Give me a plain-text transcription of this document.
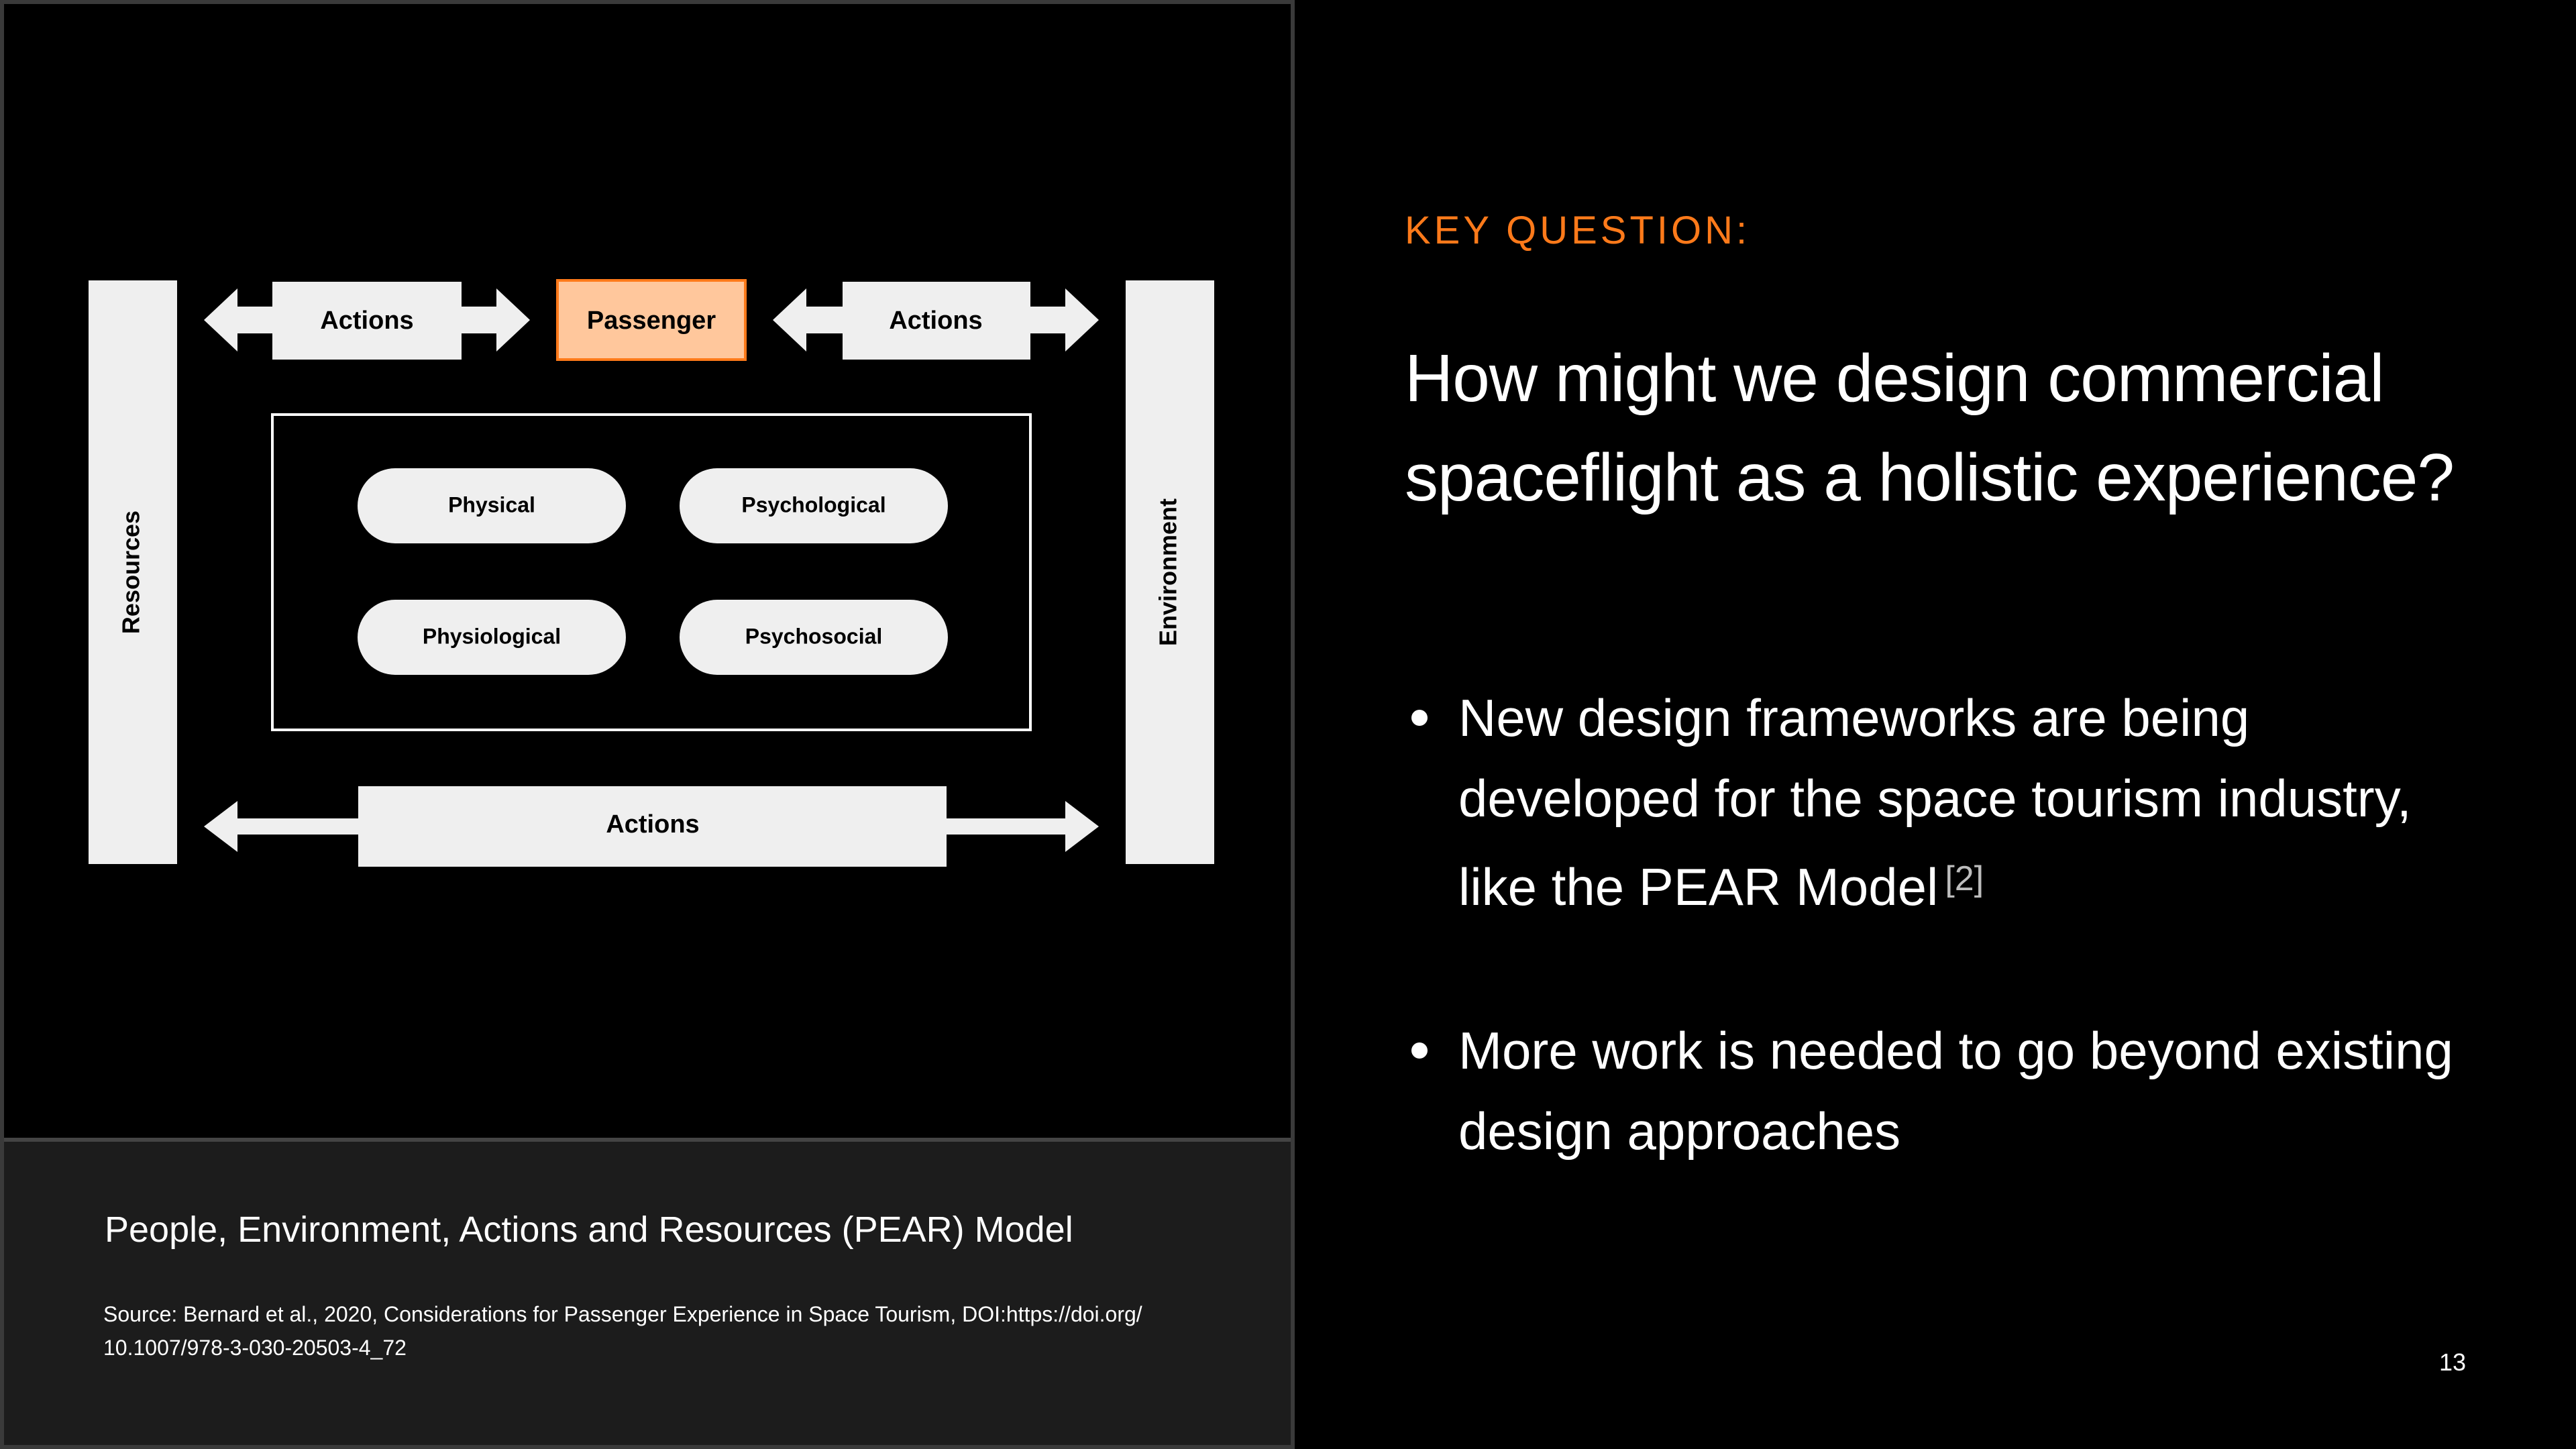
Resources	Environment
Actions	Passenger	Actions
Physical	Psychological
Physiological	Psychosocial
Actions
People, Environment, Actions and Resources (PEAR) Model
Source: Bernard et al., 2020, Considerations for Passenger Experience in Space Tourism, DOI:https://doi.org/ 10.1007/978-3-030-20503-4_72
KEY QUESTION:
How might we design commercial spaceflight as a holistic experience?
New design frameworks are being developed for the space tourism industry, like the PEAR Model [2]
More work is needed to go beyond existing design approaches
13
